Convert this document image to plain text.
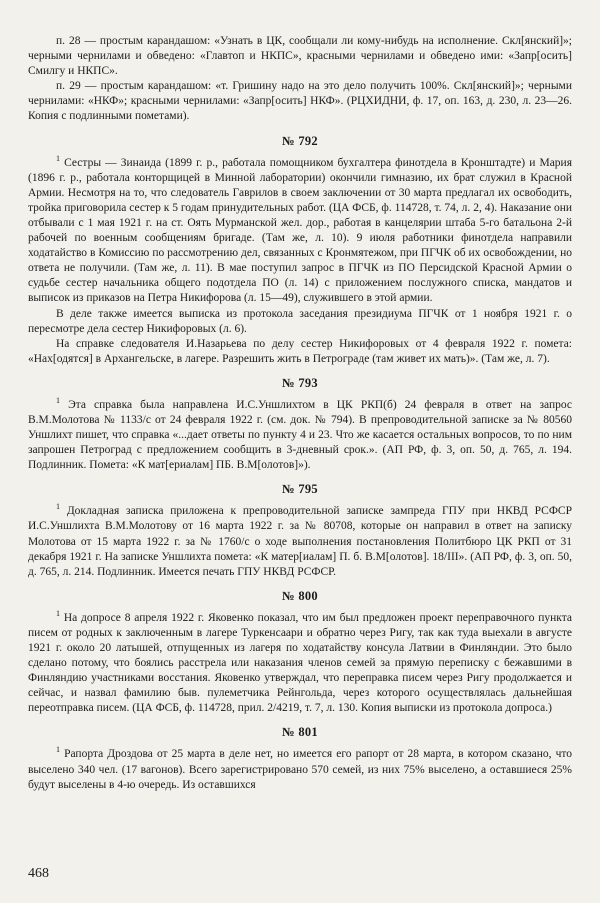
п. 28 — простым карандашом: «Узнать в ЦК, сообщали ли кому-нибудь на исполнение. Скл[янский]»; черными чернилами и обведено: «Главтоп и НКПС», красными чернилами и обведено ими: «Запр[осить] Смилгу и НКПС».

п. 29 — простым карандашом: «т. Гришину надо на это дело получить 100%. Скл[янский]»; черными чернилами: «НКФ»; красными чернилами: «Запр[осить] НКФ». (РЦХИДНИ, ф. 17, оп. 163, д. 230, л. 23—26. Копия с подлинными пометами).

№ 792

$^1$ Сестры — Зинаида (1899 г. р., работала помощником бухгалтера финотдела в Кронштадте) и Мария (1896 г. р., работала конторщицей в Минной лаборатории) окончили гимназию, их брат служил в Красной Армии. Несмотря на то, что следователь Гаврилов в своем заключении от 30 марта предлагал их освободить, тройка приговорила сестер к 5 годам принудительных работ. (ЦА ФСБ, ф. 114728, т. 74, л. 2, 4). Наказание они отбывали с 1 мая 1921 г. на ст. Оять Мурманской жел. дор., работая в канцелярии штаба 5-го батальона 2-й рабочей по военным сообщениям бригаде. (Там же, л. 10). 9 июля работники финотдела направили ходатайство в Комиссию по рассмотрению дел, связанных с Кронмятежом, при ПГЧК об их освобождении, но ответа не получили. (Там же, л. 11). В мае поступил запрос в ПГЧК из ПО Персидской Красной Армии о судьбе сестер начальника общего подотдела ПО (л. 14) с приложением послужного списка, мандатов и выписок из приказов на Петра Никифорова (л. 15—49), служившего в этой армии.

В деле также имеется выписка из протокола заседания президиума ПГЧК от 1 ноября 1921 г. о пересмотре дела сестер Никифоровых (л. 6).

На справке следователя И.Назарьева по делу сестер Никифоровых от 4 февраля 1922 г. помета: «Нах[одятся] в Архангельске, в лагере. Разрешить жить в Петрограде (там живет их мать)». (Там же, л. 7).

№ 793

$^1$ Эта справка была направлена И.С.Уншлихтом в ЦК РКП(б) 24 февраля в ответ на запрос В.М.Молотова № 1133/с от 24 февраля 1922 г. (см. док. № 794). В препроводительной записке за № 80560 Уншлихт пишет, что справка «...дает ответы по пункту 4 и 23. Что же касается остальных вопросов, то по ним запрошен Петроград с предложением сообщить в 3-дневный срок.». (АП РФ, ф. 3, оп. 50, д. 765, л. 194. Подлинник. Помета: «К мат[ериалам] ПБ. В.М[олотов]»).

№ 795

$^1$ Докладная записка приложена к препроводительной записке зампреда ГПУ при НКВД РСФСР И.С.Уншлихта В.М.Молотову от 16 марта 1922 г. за № 80708, которые он направил в ответ на записку Молотова от 15 марта 1922 г. за № 1760/с о ходе выполнения постановления Политбюро ЦК РКП от 31 декабря 1921 г. На записке Уншлихта помета: «К матер[иалам] П. б. В.М[олотов]. 18/III». (АП РФ, ф. 3, оп. 50, д. 765, л. 214. Подлинник. Имеется печать ГПУ НКВД РСФСР.

№ 800

$^1$ На допросе 8 апреля 1922 г. Яковенко показал, что им был предложен проект переправочного пункта писем от родных к заключенным в лагере Туркенсаари и обратно через Ригу, так как туда выехали в августе 1921 г. около 20 латышей, отпущенных из лагеря по ходатайству консула Латвии в Финляндии. Это было сделано потому, что боялись расстрела или наказания членов семей за прямую переписку с бежавшими в Финляндию участниками восстания. Яковенко утверждал, что переправка писем через Ригу продолжается и сейчас, и назвал фамилию быв. пулеметчика Рейнгольда, через которого осуществлялась дальнейшая переотправка писем. (ЦА ФСБ, ф. 114728, прил. 2/4219, т. 7, л. 130. Копия выписки из протокола допроса.)

№ 801

$^1$ Рапорта Дроздова от 25 марта в деле нет, но имеется его рапорт от 28 марта, в котором сказано, что выселено 340 чел. (17 вагонов). Всего зарегистрировано 570 семей, из них 75% выселено, а оставшиеся 25% будут выселены в 4-ю очередь. Из оставшихся

468
